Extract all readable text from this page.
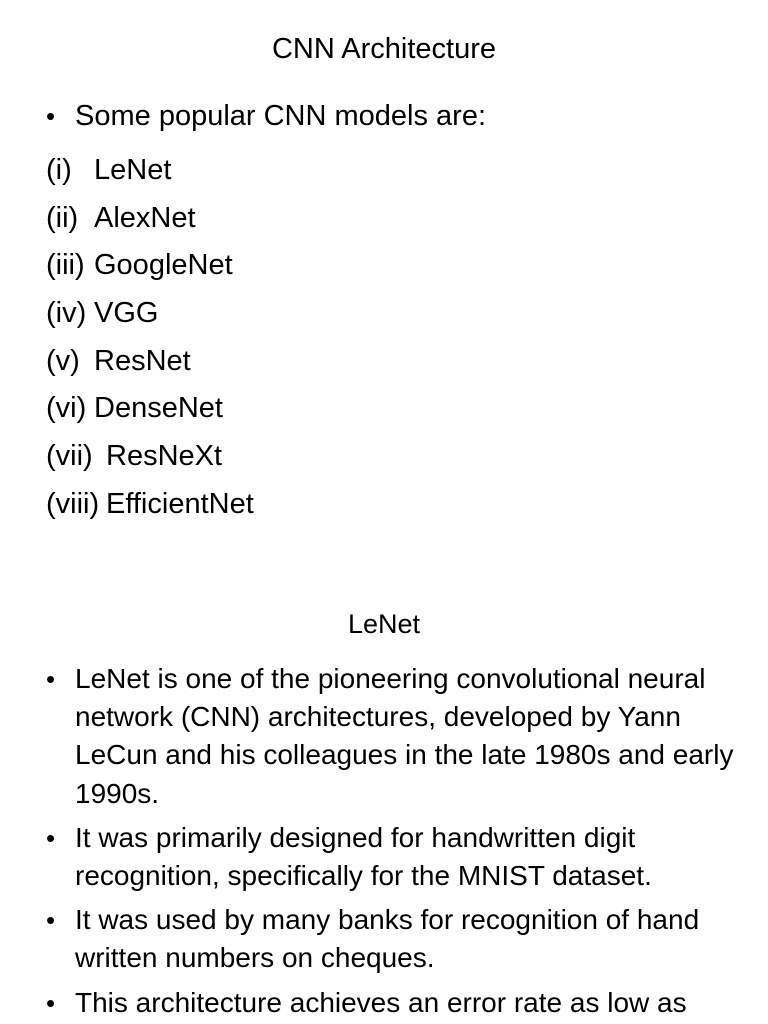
CNN Architecture
• Some popular CNN models are:
(i) LeNet
(ii) AlexNet
(iii) GoogleNet
(iv) VGG
(v) ResNet
(vi) DenseNet
(vii) ResNeXt
(viii) EfficientNet
LeNet
• LeNet is one of the pioneering convolutional neural network (CNN) architectures, developed by Yann LeCun and his colleagues in the late 1980s and early 1990s.
• It was primarily designed for handwritten digit recognition, specifically for the MNIST dataset.
• It was used by many banks for recognition of hand written numbers on cheques.
• This architecture achieves an error rate as low as
